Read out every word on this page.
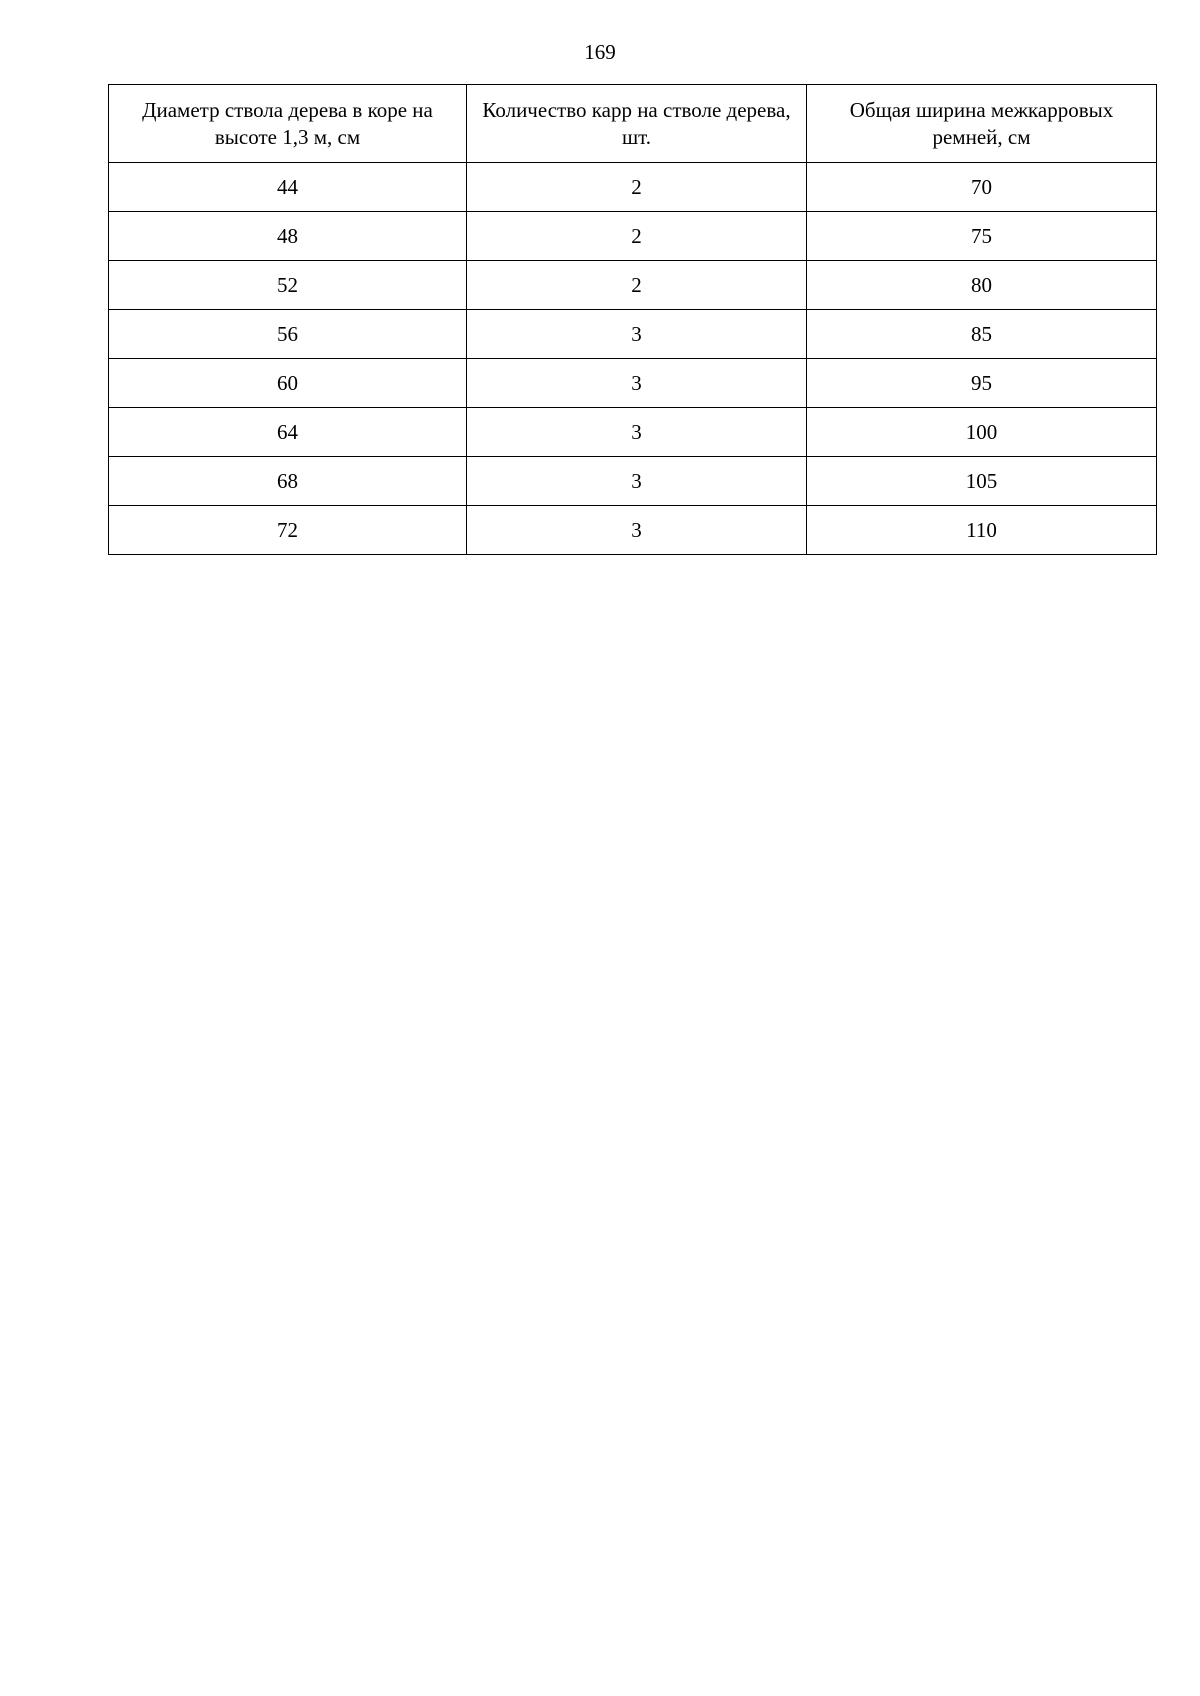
169
Диаметр ствола дерева в коре на высоте 1,3 м, см	Количество карр на стволе дерева, шт.	Общая ширина межкарровых ремней, см
44	2	70
48	2	75
52	2	80
56	3	85
60	3	95
64	3	100
68	3	105
72	3	110
